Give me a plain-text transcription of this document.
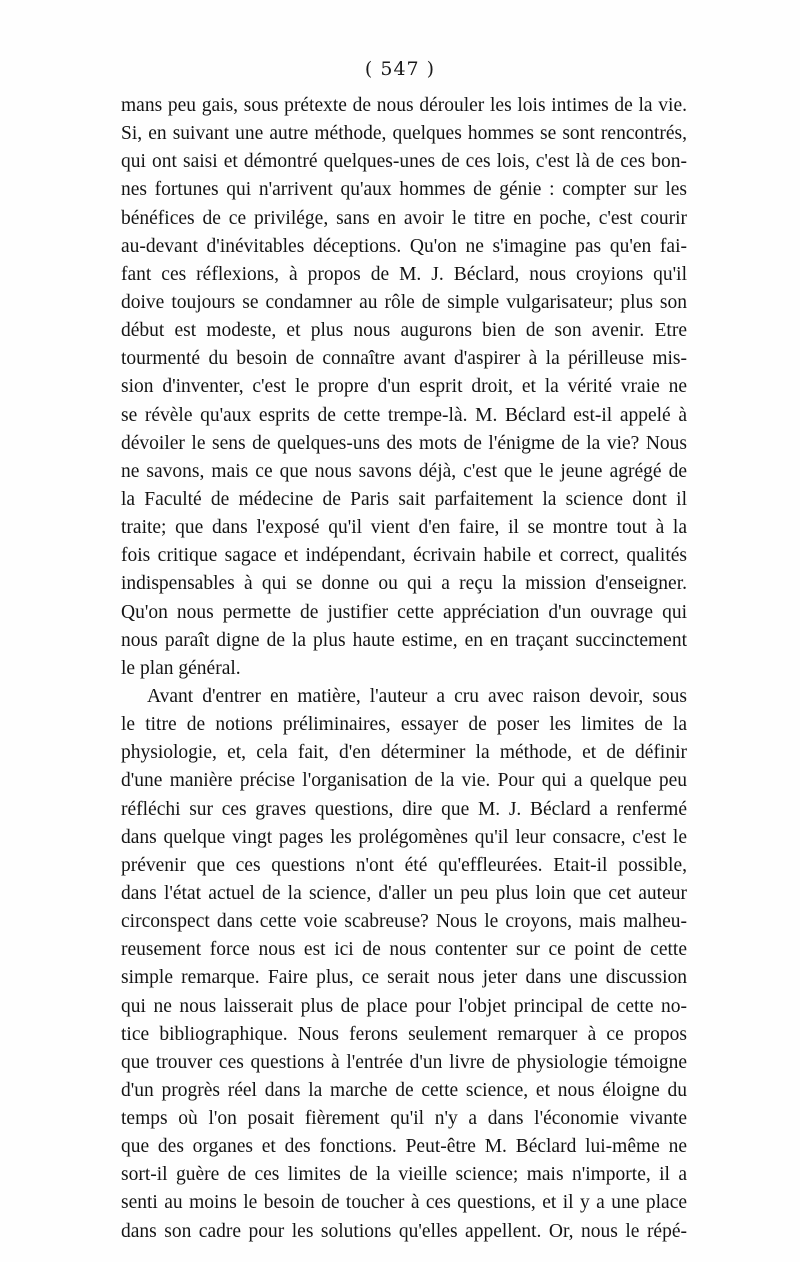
( 547 )
mans peu gais, sous prétexte de nous dérouler les lois intimes de la vie.
Si, en suivant une autre méthode, quelques hommes se sont rencontrés,
qui ont saisi et démontré quelques-unes de ces lois, c'est là de ces bon-
nes fortunes qui n'arrivent qu'aux hommes de génie : compter sur les
bénéfices de ce privilége, sans en avoir le titre en poche, c'est courir
au-devant d'inévitables déceptions. Qu'on ne s'imagine pas qu'en fai-
fant ces réflexions, à propos de M. J. Béclard, nous croyions qu'il
doive toujours se condamner au rôle de simple vulgarisateur; plus son
début est modeste, et plus nous augurons bien de son avenir. Etre
tourmenté du besoin de connaître avant d'aspirer à la périlleuse mis-
sion d'inventer, c'est le propre d'un esprit droit, et la vérité vraie ne
se révèle qu'aux esprits de cette trempe-là. M. Béclard est-il appelé à
dévoiler le sens de quelques-uns des mots de l'énigme de la vie? Nous
ne savons, mais ce que nous savons déjà, c'est que le jeune agrégé de
la Faculté de médecine de Paris sait parfaitement la science dont il
traite; que dans l'exposé qu'il vient d'en faire, il se montre tout à la
fois critique sagace et indépendant, écrivain habile et correct, qualités
indispensables à qui se donne ou qui a reçu la mission d'enseigner.
Qu'on nous permette de justifier cette appréciation d'un ouvrage qui
nous paraît digne de la plus haute estime, en en traçant succinctement
le plan général.
Avant d'entrer en matière, l'auteur a cru avec raison devoir, sous
le titre de notions préliminaires, essayer de poser les limites de la
physiologie, et, cela fait, d'en déterminer la méthode, et de définir
d'une manière précise l'organisation de la vie. Pour qui a quelque peu
réfléchi sur ces graves questions, dire que M. J. Béclard a renfermé
dans quelque vingt pages les prolégomènes qu'il leur consacre, c'est le
prévenir que ces questions n'ont été qu'effleurées. Etait-il possible,
dans l'état actuel de la science, d'aller un peu plus loin que cet auteur
circonspect dans cette voie scabreuse? Nous le croyons, mais malheu-
reusement force nous est ici de nous contenter sur ce point de cette
simple remarque. Faire plus, ce serait nous jeter dans une discussion
qui ne nous laisserait plus de place pour l'objet principal de cette no-
tice bibliographique. Nous ferons seulement remarquer à ce propos
que trouver ces questions à l'entrée d'un livre de physiologie témoigne
d'un progrès réel dans la marche de cette science, et nous éloigne du
temps où l'on posait fièrement qu'il n'y a dans l'économie vivante
que des organes et des fonctions. Peut-être M. Béclard lui-même ne
sort-il guère de ces limites de la vieille science; mais n'importe, il a
senti au moins le besoin de toucher à ces questions, et il y a une place
dans son cadre pour les solutions qu'elles appellent. Or, nous le répé-
